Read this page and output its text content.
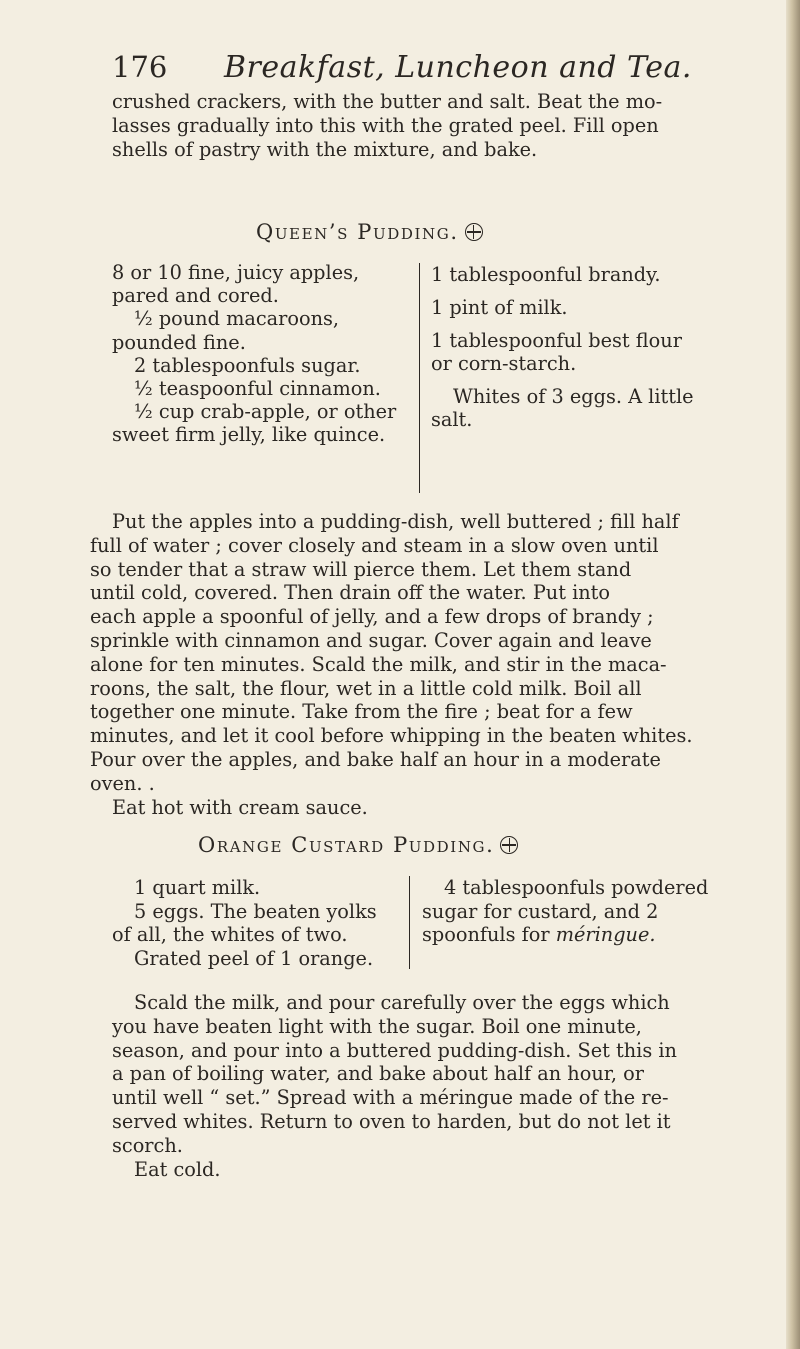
176 Breakfast, Luncheon and Tea.

crushed crackers, with the butter and salt. Beat the mo-
lasses gradually into this with the grated peel. Fill open
shells of pastry with the mixture, and bake.

Queen’s Pudding.
8 or 10 fine, juicy apples,
pared and cored.
½ pound macaroons,
pounded fine.
2 tablespoonfuls sugar.
½ teaspoonful cinnamon.
½ cup crab-apple, or other
sweet firm jelly, like quince.
1 tablespoonful brandy.
1 pint of milk.
1 tablespoonful best flour
or corn-starch.
Whites of 3 eggs. A little
salt.

Put the apples into a pudding-dish, well buttered ; fill half
full of water ; cover closely and steam in a slow oven until
so tender that a straw will pierce them. Let them stand
until cold, covered. Then drain off the water. Put into
each apple a spoonful of jelly, and a few drops of brandy ;
sprinkle with cinnamon and sugar. Cover again and leave
alone for ten minutes. Scald the milk, and stir in the maca-
roons, the salt, the flour, wet in a little cold milk. Boil all
together one minute. Take from the fire ; beat for a few
minutes, and let it cool before whipping in the beaten whites.
Pour over the apples, and bake half an hour in a moderate
oven. .
Eat hot with cream sauce.

Orange Custard Pudding.
1 quart milk.
5 eggs. The beaten yolks
of all, the whites of two.
Grated peel of 1 orange.
4 tablespoonfuls powdered
sugar for custard, and 2
spoonfuls for méringue.

Scald the milk, and pour carefully over the eggs which
you have beaten light with the sugar. Boil one minute,
season, and pour into a buttered pudding-dish. Set this in
a pan of boiling water, and bake about half an hour, or
until well “ set.” Spread with a méringue made of the re-
served whites. Return to oven to harden, but do not let it
scorch.
Eat cold.
